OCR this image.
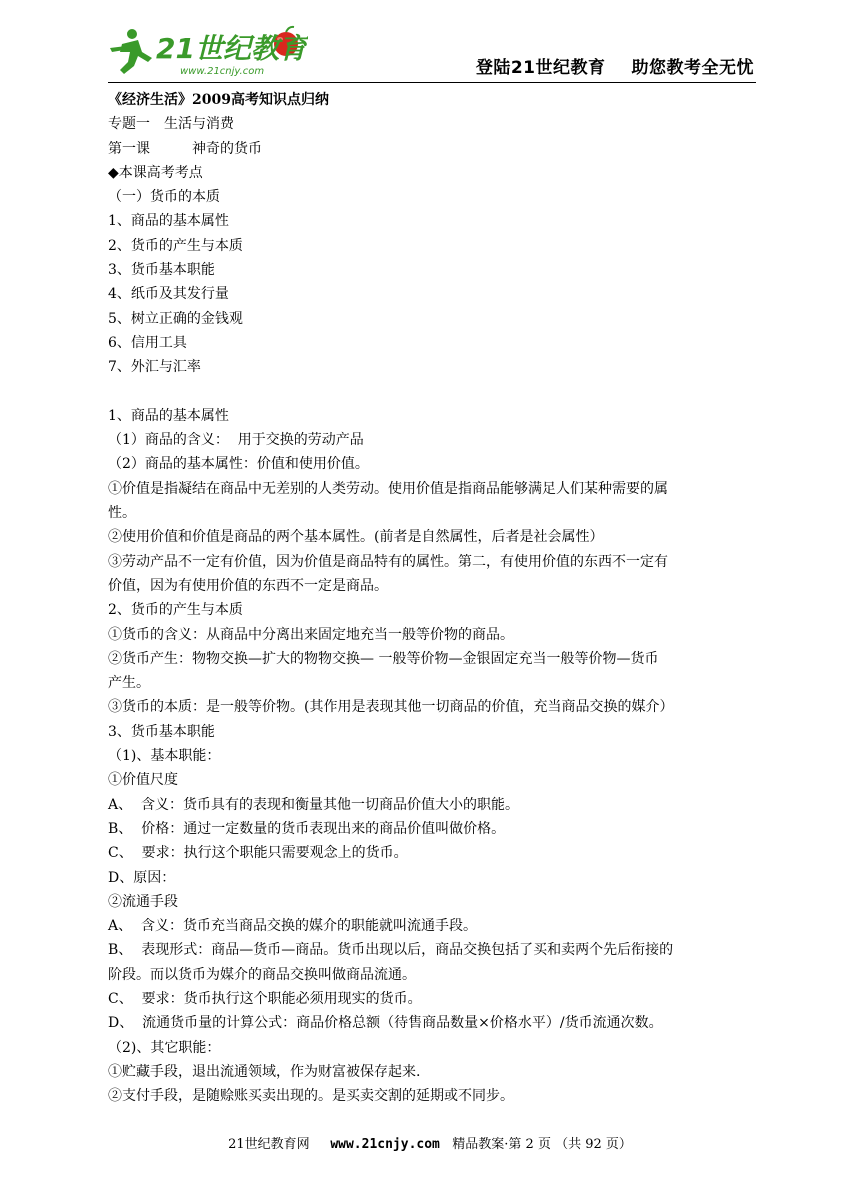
21世纪教育
www.21cnjy.com	登陆21世纪教育 助您教考全无忧

《经济生活》2009高考知识点归纳

专题一　生活与消费

第一课　　　神奇的货币

◆本课高考考点

（一）货币的本质

1、商品的基本属性

2、货币的产生与本质

3、货币基本职能

4、纸币及其发行量

5、树立正确的金钱观

6、信用工具

7、外汇与汇率

1、商品的基本属性

（1）商品的含义：  用于交换的劳动产品

（2）商品的基本属性：价值和使用价值。

①价值是指凝结在商品中无差别的人类劳动。使用价值是指商品能够满足人们某种需要的属

性。

②使用价值和价值是商品的两个基本属性。(前者是自然属性，后者是社会属性）

③劳动产品不一定有价值，因为价值是商品特有的属性。第二，有使用价值的东西不一定有

价值，因为有使用价值的东西不一定是商品。

2、货币的产生与本质

①货币的含义：从商品中分离出来固定地充当一般等价物的商品。

②货币产生：物物交换—扩大的物物交换— 一般等价物—金银固定充当一般等价物—货币

产生。

③货币的本质：是一般等价物。(其作用是表现其他一切商品的价值，充当商品交换的媒介）

3、货币基本职能

（1)、基本职能：

①价值尺度

A、  含义：货币具有的表现和衡量其他一切商品价值大小的职能。

B、  价格：通过一定数量的货币表现出来的商品价值叫做价格。

C、  要求：执行这个职能只需要观念上的货币。

D、原因：

②流通手段

A、  含义：货币充当商品交换的媒介的职能就叫流通手段。

B、  表现形式：商品—货币—商品。货币出现以后，商品交换包括了买和卖两个先后衔接的

阶段。而以货币为媒介的商品交换叫做商品流通。

C、  要求：货币执行这个职能必须用现实的货币。

D、  流通货币量的计算公式：商品价格总额（待售商品数量×价格水平）/货币流通次数。

（2)、其它职能：

①贮藏手段，退出流通领域，作为财富被保存起来.

②支付手段，是随赊账买卖出现的。是买卖交割的延期或不同步。

21世纪教育网 www.21cnjy.com 精品教案·第 2 页 （共 92 页）
